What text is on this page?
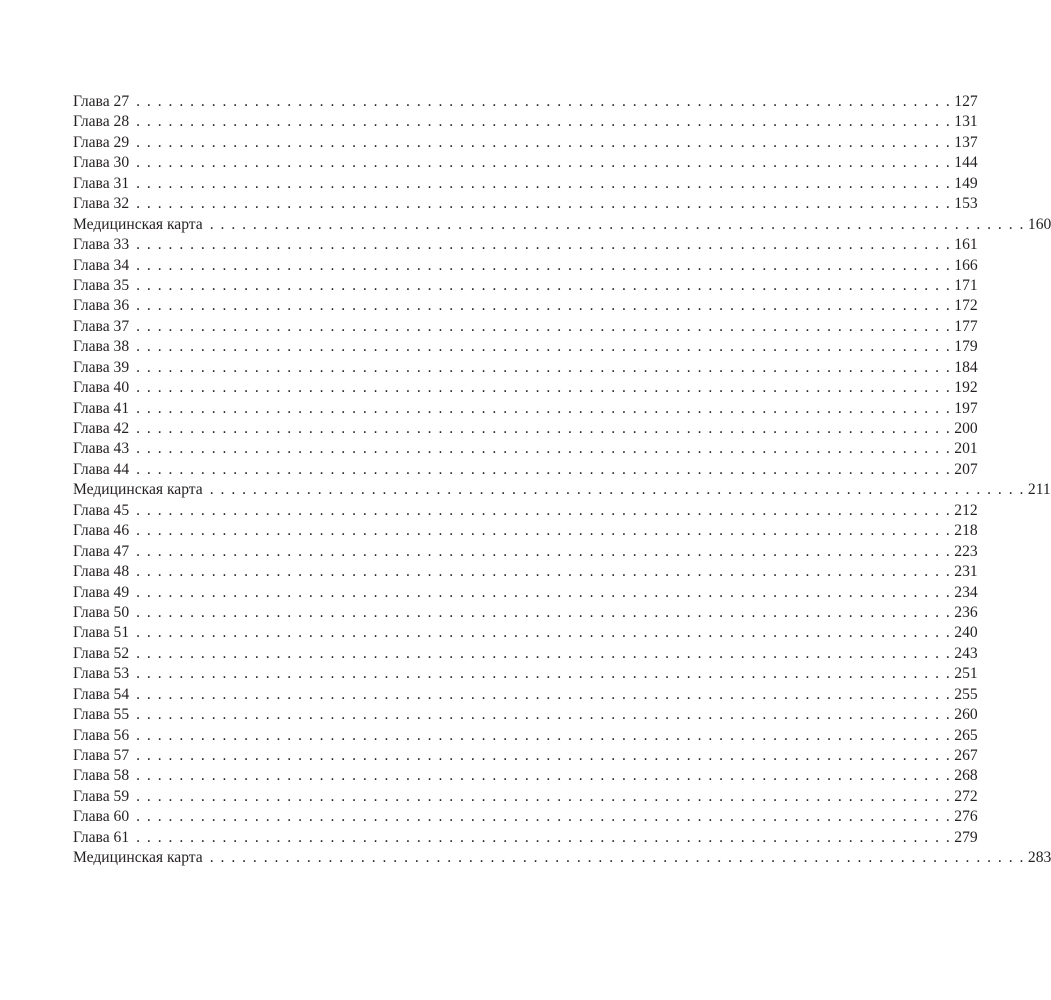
Глава 27 . . . . . . . . . . . . . . . . . . . . . . . . . . . . . . . . . . . . . . . . . . . . . . . . . . . . . . . . . . . . . . . . . . . . . . . . . . . . 127
Глава 28 . . . . . . . . . . . . . . . . . . . . . . . . . . . . . . . . . . . . . . . . . . . . . . . . . . . . . . . . . . . . . . . . . . . . . . . . . . . . 131
Глава 29 . . . . . . . . . . . . . . . . . . . . . . . . . . . . . . . . . . . . . . . . . . . . . . . . . . . . . . . . . . . . . . . . . . . . . . . . . . . . 137
Глава 30 . . . . . . . . . . . . . . . . . . . . . . . . . . . . . . . . . . . . . . . . . . . . . . . . . . . . . . . . . . . . . . . . . . . . . . . . . . . . 144
Глава 31 . . . . . . . . . . . . . . . . . . . . . . . . . . . . . . . . . . . . . . . . . . . . . . . . . . . . . . . . . . . . . . . . . . . . . . . . . . . . 149
Глава 32 . . . . . . . . . . . . . . . . . . . . . . . . . . . . . . . . . . . . . . . . . . . . . . . . . . . . . . . . . . . . . . . . . . . . . . . . . . . . 153
Медицинская карта . . . . . . . . . . . . . . . . . . . . . . . . . . . . . . . . . . . . . . . . . . . . . . . . . . . . . . . . . . . . . . . . . . . . . . . . . . . . 160
Глава 33 . . . . . . . . . . . . . . . . . . . . . . . . . . . . . . . . . . . . . . . . . . . . . . . . . . . . . . . . . . . . . . . . . . . . . . . . . . . . 161
Глава 34 . . . . . . . . . . . . . . . . . . . . . . . . . . . . . . . . . . . . . . . . . . . . . . . . . . . . . . . . . . . . . . . . . . . . . . . . . . . . 166
Глава 35 . . . . . . . . . . . . . . . . . . . . . . . . . . . . . . . . . . . . . . . . . . . . . . . . . . . . . . . . . . . . . . . . . . . . . . . . . . . . 171
Глава 36 . . . . . . . . . . . . . . . . . . . . . . . . . . . . . . . . . . . . . . . . . . . . . . . . . . . . . . . . . . . . . . . . . . . . . . . . . . . . 172
Глава 37 . . . . . . . . . . . . . . . . . . . . . . . . . . . . . . . . . . . . . . . . . . . . . . . . . . . . . . . . . . . . . . . . . . . . . . . . . . . . 177
Глава 38 . . . . . . . . . . . . . . . . . . . . . . . . . . . . . . . . . . . . . . . . . . . . . . . . . . . . . . . . . . . . . . . . . . . . . . . . . . . . 179
Глава 39 . . . . . . . . . . . . . . . . . . . . . . . . . . . . . . . . . . . . . . . . . . . . . . . . . . . . . . . . . . . . . . . . . . . . . . . . . . . . 184
Глава 40 . . . . . . . . . . . . . . . . . . . . . . . . . . . . . . . . . . . . . . . . . . . . . . . . . . . . . . . . . . . . . . . . . . . . . . . . . . . . 192
Глава 41 . . . . . . . . . . . . . . . . . . . . . . . . . . . . . . . . . . . . . . . . . . . . . . . . . . . . . . . . . . . . . . . . . . . . . . . . . . . . 197
Глава 42 . . . . . . . . . . . . . . . . . . . . . . . . . . . . . . . . . . . . . . . . . . . . . . . . . . . . . . . . . . . . . . . . . . . . . . . . . . . . 200
Глава 43 . . . . . . . . . . . . . . . . . . . . . . . . . . . . . . . . . . . . . . . . . . . . . . . . . . . . . . . . . . . . . . . . . . . . . . . . . . . . 201
Глава 44 . . . . . . . . . . . . . . . . . . . . . . . . . . . . . . . . . . . . . . . . . . . . . . . . . . . . . . . . . . . . . . . . . . . . . . . . . . . . 207
Медицинская карта . . . . . . . . . . . . . . . . . . . . . . . . . . . . . . . . . . . . . . . . . . . . . . . . . . . . . . . . . . . . . . . . . . . . . . . . . . . . 211
Глава 45 . . . . . . . . . . . . . . . . . . . . . . . . . . . . . . . . . . . . . . . . . . . . . . . . . . . . . . . . . . . . . . . . . . . . . . . . . . . . 212
Глава 46 . . . . . . . . . . . . . . . . . . . . . . . . . . . . . . . . . . . . . . . . . . . . . . . . . . . . . . . . . . . . . . . . . . . . . . . . . . . . 218
Глава 47 . . . . . . . . . . . . . . . . . . . . . . . . . . . . . . . . . . . . . . . . . . . . . . . . . . . . . . . . . . . . . . . . . . . . . . . . . . . . 223
Глава 48 . . . . . . . . . . . . . . . . . . . . . . . . . . . . . . . . . . . . . . . . . . . . . . . . . . . . . . . . . . . . . . . . . . . . . . . . . . . . 231
Глава 49 . . . . . . . . . . . . . . . . . . . . . . . . . . . . . . . . . . . . . . . . . . . . . . . . . . . . . . . . . . . . . . . . . . . . . . . . . . . . 234
Глава 50 . . . . . . . . . . . . . . . . . . . . . . . . . . . . . . . . . . . . . . . . . . . . . . . . . . . . . . . . . . . . . . . . . . . . . . . . . . . . 236
Глава 51 . . . . . . . . . . . . . . . . . . . . . . . . . . . . . . . . . . . . . . . . . . . . . . . . . . . . . . . . . . . . . . . . . . . . . . . . . . . . 240
Глава 52 . . . . . . . . . . . . . . . . . . . . . . . . . . . . . . . . . . . . . . . . . . . . . . . . . . . . . . . . . . . . . . . . . . . . . . . . . . . . 243
Глава 53 . . . . . . . . . . . . . . . . . . . . . . . . . . . . . . . . . . . . . . . . . . . . . . . . . . . . . . . . . . . . . . . . . . . . . . . . . . . . 251
Глава 54 . . . . . . . . . . . . . . . . . . . . . . . . . . . . . . . . . . . . . . . . . . . . . . . . . . . . . . . . . . . . . . . . . . . . . . . . . . . . 255
Глава 55 . . . . . . . . . . . . . . . . . . . . . . . . . . . . . . . . . . . . . . . . . . . . . . . . . . . . . . . . . . . . . . . . . . . . . . . . . . . . 260
Глава 56 . . . . . . . . . . . . . . . . . . . . . . . . . . . . . . . . . . . . . . . . . . . . . . . . . . . . . . . . . . . . . . . . . . . . . . . . . . . . 265
Глава 57 . . . . . . . . . . . . . . . . . . . . . . . . . . . . . . . . . . . . . . . . . . . . . . . . . . . . . . . . . . . . . . . . . . . . . . . . . . . . 267
Глава 58 . . . . . . . . . . . . . . . . . . . . . . . . . . . . . . . . . . . . . . . . . . . . . . . . . . . . . . . . . . . . . . . . . . . . . . . . . . . . 268
Глава 59 . . . . . . . . . . . . . . . . . . . . . . . . . . . . . . . . . . . . . . . . . . . . . . . . . . . . . . . . . . . . . . . . . . . . . . . . . . . . 272
Глава 60 . . . . . . . . . . . . . . . . . . . . . . . . . . . . . . . . . . . . . . . . . . . . . . . . . . . . . . . . . . . . . . . . . . . . . . . . . . . . 276
Глава 61 . . . . . . . . . . . . . . . . . . . . . . . . . . . . . . . . . . . . . . . . . . . . . . . . . . . . . . . . . . . . . . . . . . . . . . . . . . . . 279
Медицинская карта . . . . . . . . . . . . . . . . . . . . . . . . . . . . . . . . . . . . . . . . . . . . . . . . . . . . . . . . . . . . . . . . . . . . . . . . . . . . 283
